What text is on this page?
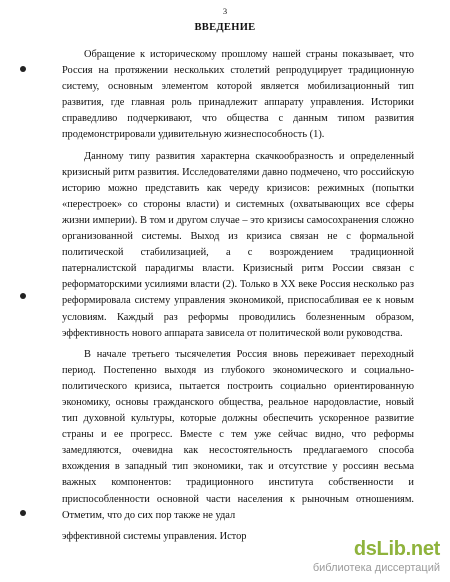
3
ВВЕДЕНИЕ

Обращение к историческому прошлому нашей страны показывает, что Россия на протяжении нескольких столетий репродуцирует традиционную систему, основным элементом которой является мобилизационный тип развития, где главная роль принадлежит аппарату управления. Историки справедливо подчеркивают, что общества с данным типом развития продемонстрировали удивительную жизнеспособность (1).

Данному типу развития характерна скачкообразность и определенный кризисный ритм развития. Исследователями давно подмечено, что российскую историю можно представить как череду кризисов: режимных (попытки «перестроек» со стороны власти) и системных (охватывающих все сферы жизни империи). В том и другом случае – это кризисы самосохранения сложно организованной системы. Выход из кризиса связан не с формальной политической стабилизацией, а с возрождением традиционной патерналистской парадигмы власти. Кризисный ритм России связан с реформаторскими усилиями власти (2). Только в XX веке Россия несколько раз реформировала систему управления экономикой, приспосабливая ее к новым условиям. Каждый раз реформы проводились болезненным образом, эффективность нового аппарата зависела от политической воли руководства.

В начале третьего тысячелетия Россия вновь переживает переходный период. Постепенно выходя из глубокого экономического и социально-политического кризиса, пытается построить социально ориентированную экономику, основы гражданского общества, реальное народовластие, новый тип духовной культуры, которые должны обеспечить ускоренное развитие страны и ее прогресс. Вместе с тем уже сейчас видно, что реформы замедляются, очевидна как несостоятельность предлагаемого способа вхождения в западный тип экономики, так и отсутствие у россиян весьма важных компонентов: традиционного института собственности и приспособленности основной части населения к рыночным отношениям. Отметим, что до сих пор также не удал

эффективной системы управления. Истор

dsLib.net
библиотека диссертаций
